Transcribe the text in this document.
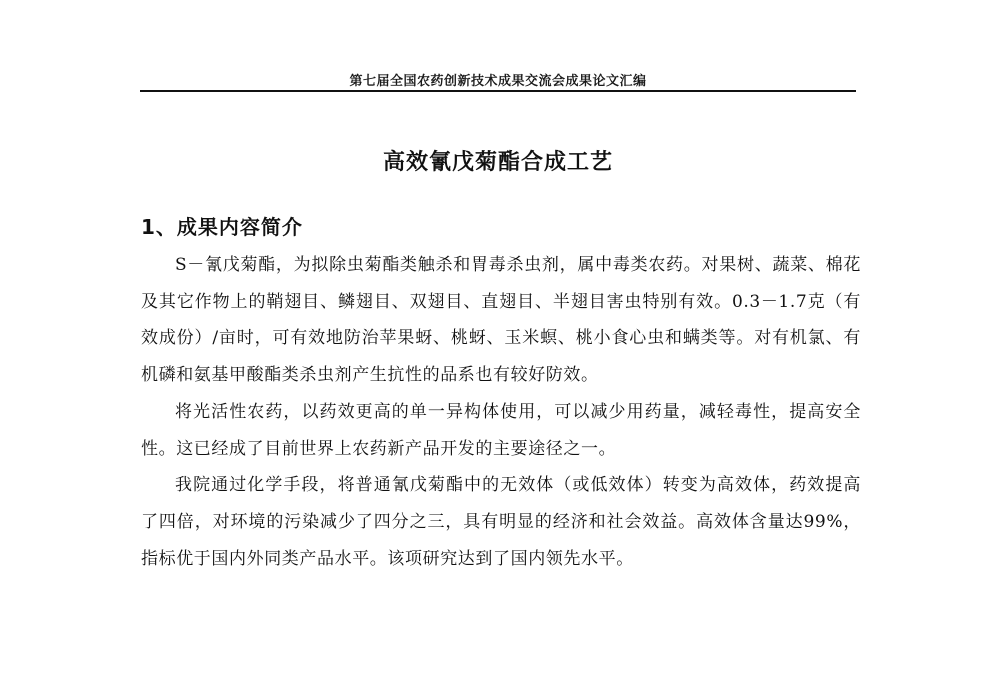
第七届全国农药创新技术成果交流会成果论文汇编
高效氰戊菊酯合成工艺
1、成果内容简介

S－氰戊菊酯，为拟除虫菊酯类触杀和胃毒杀虫剂，属中毒类农药。对果树、蔬菜、棉花及其它作物上的鞘翅目、鳞翅目、双翅目、直翅目、半翅目害虫特别有效。0.3－1.7克（有效成份）/亩时，可有效地防治苹果蚜、桃蚜、玉米螟、桃小食心虫和螨类等。对有机氯、有机磷和氨基甲酸酯类杀虫剂产生抗性的品系也有较好防效。

将光活性农药，以药效更高的单一异构体使用，可以减少用药量，减轻毒性，提高安全性。这已经成了目前世界上农药新产品开发的主要途径之一。

我院通过化学手段，将普通氰戊菊酯中的无效体（或低效体）转变为高效体，药效提高了四倍，对环境的污染减少了四分之三，具有明显的经济和社会效益。高效体含量达99%，指标优于国内外同类产品水平。该项研究达到了国内领先水平。
